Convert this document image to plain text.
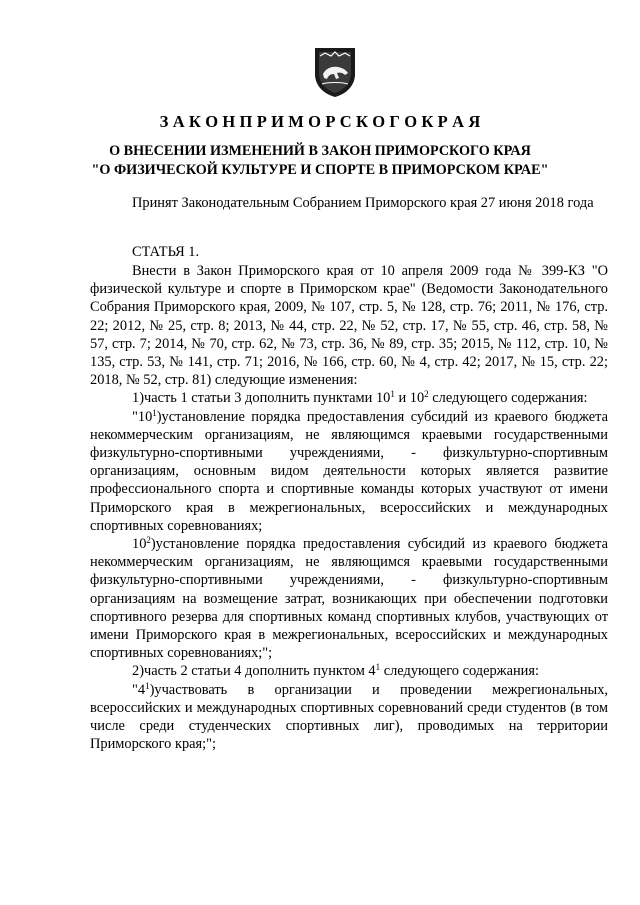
З А К О Н П Р И М О Р С К О Г О К Р А Я
О ВНЕСЕНИИ ИЗМЕНЕНИЙ В ЗАКОН ПРИМОРСКОГО КРАЯ
"О ФИЗИЧЕСКОЙ КУЛЬТУРЕ И СПОРТЕ В ПРИМОРСКОМ КРАЕ"
Принят Законодательным Собранием Приморского края 27 июня 2018 года
СТАТЬЯ 1.

Внести в Закон Приморского края от 10 апреля 2009 года № 399-КЗ "О физической культуре и спорте в Приморском крае" (Ведомости Законодательного Собрания Приморского края, 2009, № 107, стр. 5, № 128, стр. 76; 2011, № 176, стр. 22; 2012, № 25, стр. 8; 2013, № 44, стр. 22, № 52, стр. 17, № 55, стр. 46, стр. 58, № 57, стр. 7; 2014, № 70, стр. 62, № 73, стр. 36, № 89, стр. 35; 2015, № 112, стр. 10, № 135, стр. 53, № 141, стр. 71; 2016, № 166, стр. 60, № 4, стр. 42; 2017, № 15, стр. 22; 2018, № 52, стр. 81) следующие изменения:

1)часть 1 статьи 3 дополнить пунктами $10^1$ и $10^2$ следующего содержания:

"$10^1)установление$ порядка предоставления субсидий из краевого бюджета некоммерческим организациям, не являющимся краевыми государственными физкультурно-спортивными учреждениями, - физкультурно-спортивным организациям, основным видом деятельности которых является развитие профессионального спорта и спортивные команды которых участвуют от имени Приморского края в межрегиональных, всероссийских и международных спортивных соревнованиях;

$10^2)установление$ порядка предоставления субсидий из краевого бюджета некоммерческим организациям, не являющимся краевыми государственными физкультурно-спортивными учреждениями, - физкультурно-спортивным организациям на возмещение затрат, возникающих при обеспечении подготовки спортивного резерва для спортивных команд спортивных клубов, участвующих от имени Приморского края в межрегиональных, всероссийских и международных спортивных соревнованиях;";

2)часть 2 статьи 4 дополнить пунктом $4^1$ следующего содержания:

"$4^1)участвовать$ в организации и проведении межрегиональных, всероссийских и международных спортивных соревнований среди студентов (в том числе среди студенческих спортивных лиг), проводимых на территории Приморского края;";
